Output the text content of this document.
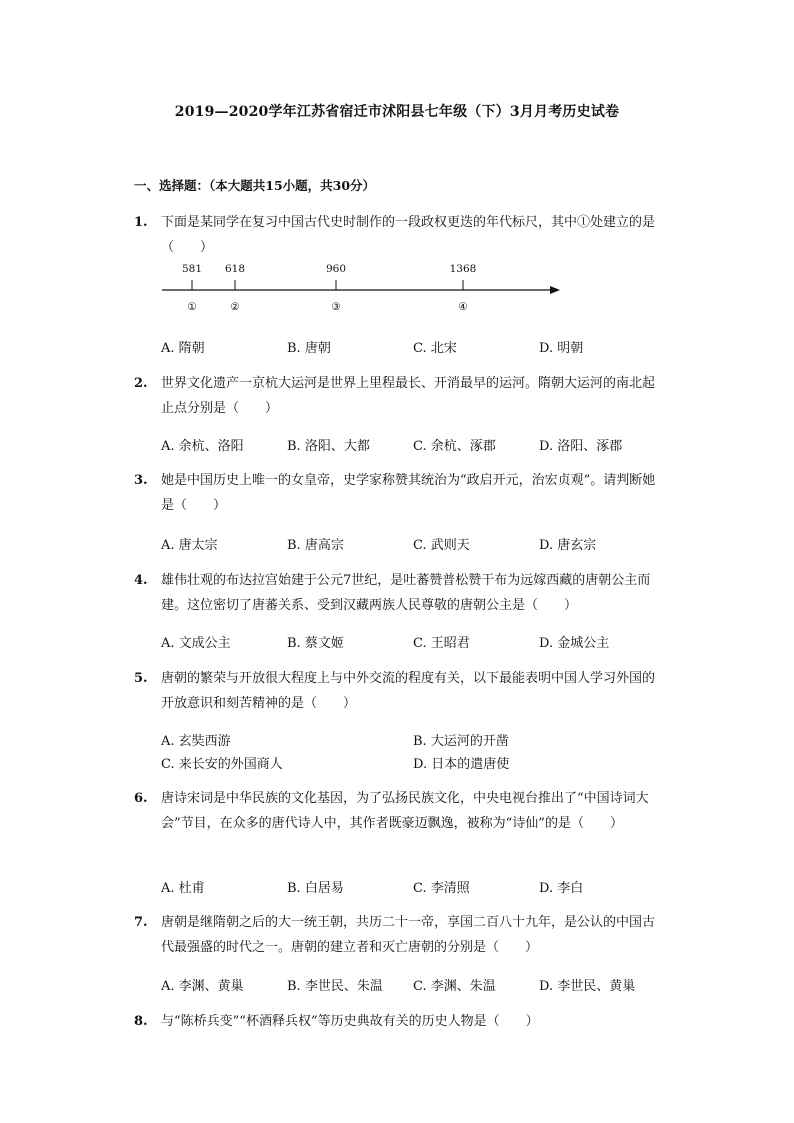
2019—2020学年江苏省宿迁市沭阳县七年级（下）3月月考历史试卷
一、选择题：（本大题共15小题，共30分）
1. 下面是某同学在复习中国古代史时制作的一段政权更迭的年代标尺，其中①处建立的是（　　）
581 618	960	1368
①	②	③	④
A. 隋朝	B. 唐朝	C. 北宋	D. 明朝
2. 世界文化遗产一京杭大运河是世界上里程最长、开消最早的运河。隋朝大运河的南北起止点分别是（　　）
A. 余杭、洛阳	B. 洛阳、大都	C. 余杭、涿郡	D. 洛阳、涿郡
3. 她是中国历史上唯一的女皇帝，史学家称赞其统治为“政启开元，治宏贞观”。请判断她是（　　）
A. 唐太宗	B. 唐高宗	C. 武则天	D. 唐玄宗
4. 雄伟壮观的布达拉宫始建于公元7世纪，是吐蕃赞普松赞干布为远嫁西藏的唐朝公主而建。这位密切了唐蕃关系、受到汉藏两族人民尊敬的唐朝公主是（　　）
A. 文成公主	B. 蔡文姬	C. 王昭君	D. 金城公主
5. 唐朝的繁荣与开放很大程度上与中外交流的程度有关，以下最能表明中国人学习外国的开放意识和刻苦精神的是（　　）
A. 玄奘西游	B. 大运河的开凿
C. 来长安的外国商人	D. 日本的遣唐使
6. 唐诗宋词是中华民族的文化基因，为了弘扬民族文化，中央电视台推出了“中国诗词大会”节目，在众多的唐代诗人中，其作者既豪迈飘逸，被称为“诗仙”的是（　　）
A. 杜甫	B. 白居易	C. 李清照	D. 李白
7. 唐朝是继隋朝之后的大一统王朝，共历二十一帝，享国二百八十九年，是公认的中国古代最强盛的时代之一。唐朝的建立者和灭亡唐朝的分别是（　　）
A. 李渊、黄巢	B. 李世民、朱温	C. 李渊、朱温	D. 李世民、黄巢
8. 与“陈桥兵变”“杯酒释兵权”等历史典故有关的历史人物是（　　）
